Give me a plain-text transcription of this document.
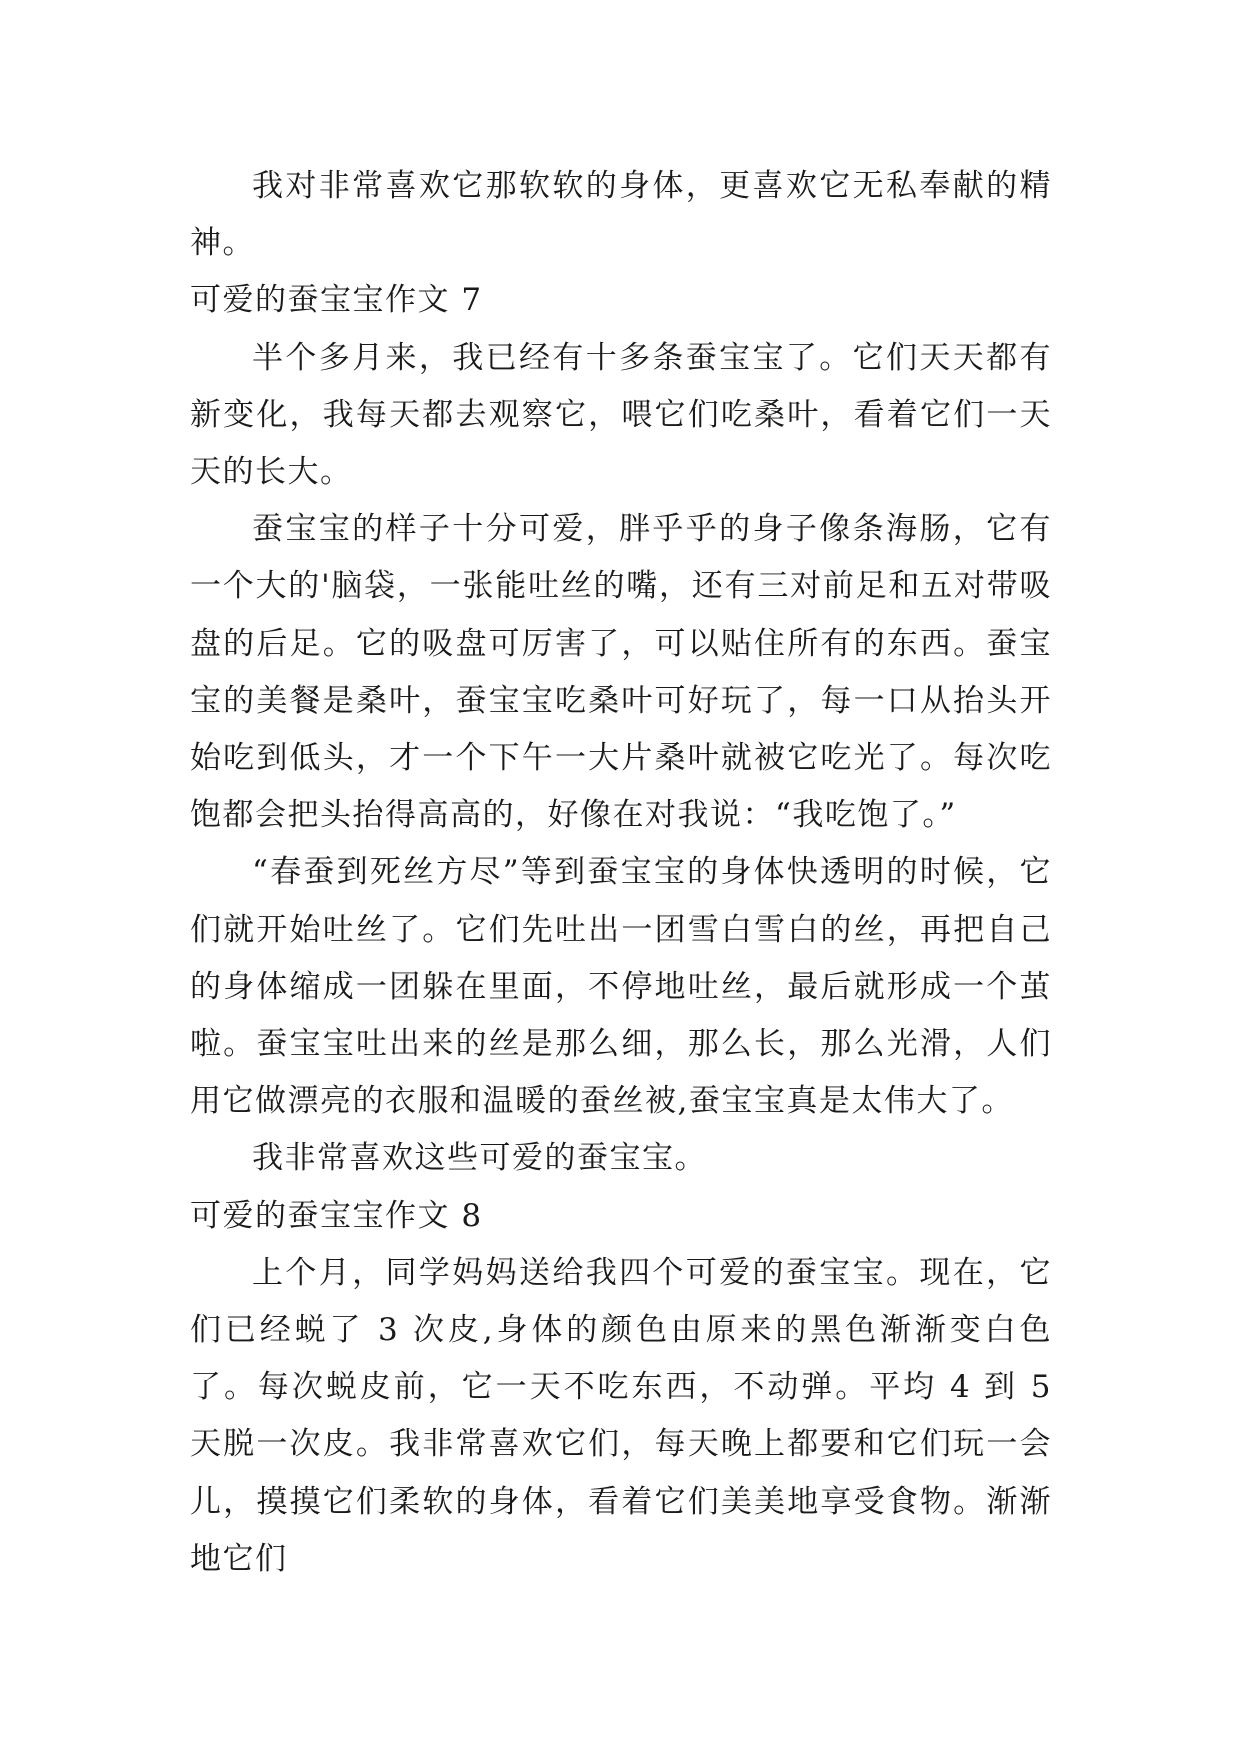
我对非常喜欢它那软软的身体，更喜欢它无私奉献的精神。

可爱的蚕宝宝作文 7

半个多月来，我已经有十多条蚕宝宝了。它们天天都有新变化，我每天都去观察它，喂它们吃桑叶，看着它们一天天的长大。

蚕宝宝的样子十分可爱，胖乎乎的身子像条海肠，它有一个大的'脑袋，一张能吐丝的嘴，还有三对前足和五对带吸盘的后足。它的吸盘可厉害了，可以贴住所有的东西。蚕宝宝的美餐是桑叶，蚕宝宝吃桑叶可好玩了，每一口从抬头开始吃到低头，才一个下午一大片桑叶就被它吃光了。每次吃饱都会把头抬得高高的，好像在对我说：“我吃饱了。”

“春蚕到死丝方尽”等到蚕宝宝的身体快透明的时候，它们就开始吐丝了。它们先吐出一团雪白雪白的丝，再把自己的身体缩成一团躲在里面，不停地吐丝，最后就形成一个茧啦。蚕宝宝吐出来的丝是那么细，那么长，那么光滑，人们用它做漂亮的衣服和温暖的蚕丝被,蚕宝宝真是太伟大了。

我非常喜欢这些可爱的蚕宝宝。

可爱的蚕宝宝作文 8

上个月，同学妈妈送给我四个可爱的蚕宝宝。现在，它们已经蜕了 3 次皮,身体的颜色由原来的黑色渐渐变白色了。每次蜕皮前，它一天不吃东西，不动弹。平均 4 到 5 天脱一次皮。我非常喜欢它们，每天晚上都要和它们玩一会儿，摸摸它们柔软的身体，看着它们美美地享受食物。渐渐地它们
